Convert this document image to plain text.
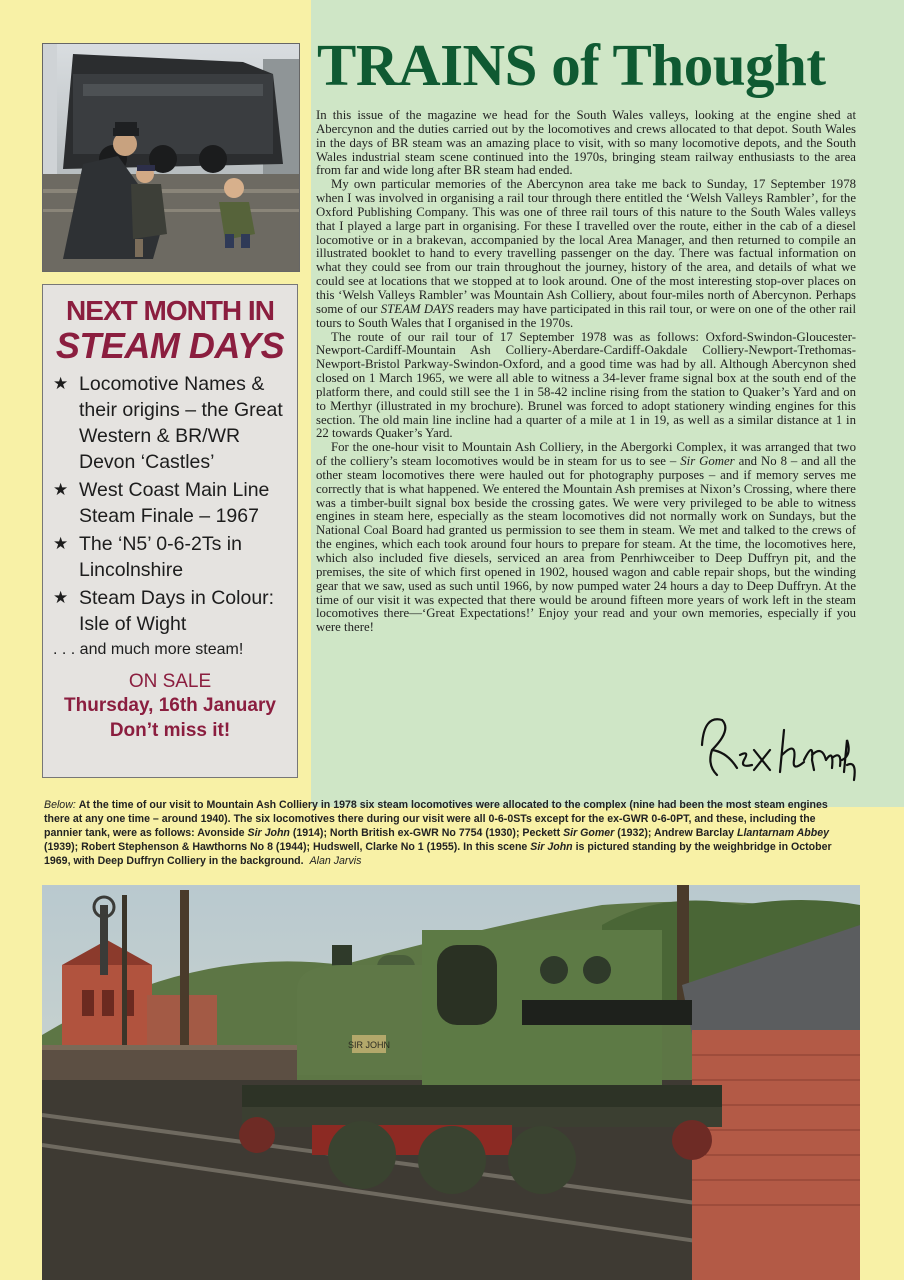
NEXT MONTH IN
STEAM DAYS
★ Locomotive Names & their origins – the Great Western & BR/WR Devon ‘Castles’
★ West Coast Main Line Steam Finale – 1967
★ The ‘N5’ 0-6-2Ts in Lincolnshire
★ Steam Days in Colour: Isle of Wight
. . . and much more steam!
ON SALE
Thursday, 16th January
Don’t miss it!
TRAINS of Thought

In this issue of the magazine we head for the South Wales valleys, looking at the engine shed at Abercynon and the duties carried out by the locomotives and crews allocated to that depot. South Wales in the days of BR steam was an amazing place to visit, with so many locomotive depots, and the South Wales industrial steam scene continued into the 1970s, bringing steam railway enthusiasts to the area from far and wide long after BR steam had ended.

My own particular memories of the Abercynon area take me back to Sunday, 17 September 1978 when I was involved in organising a rail tour through there entitled the ‘Welsh Valleys Rambler’, for the Oxford Publishing Company. This was one of three rail tours of this nature to the South Wales valleys that I played a large part in organising. For these I travelled over the route, either in the cab of a diesel locomotive or in a brakevan, accompanied by the local Area Manager, and then returned to compile an illustrated booklet to hand to every travelling passenger on the day. There was factual information on what they could see from our train throughout the journey, history of the area, and details of what we could see at locations that we stopped at to look around. One of the most interesting stop-over places on this ‘Welsh Valleys Rambler’ was Mountain Ash Colliery, about four-miles north of Abercynon. Perhaps some of our STEAM DAYS readers may have participated in this rail tour, or were on one of the other rail tours to South Wales that I organised in the 1970s.

The route of our rail tour of 17 September 1978 was as follows: Oxford-Swindon-Gloucester-Newport-Cardiff-Mountain Ash Colliery-Aberdare-Cardiff-Oakdale Colliery-Newport-Trethomas-Newport-Bristol Parkway-Swindon-Oxford, and a good time was had by all. Although Abercynon shed closed on 1 March 1965, we were all able to witness a 34-lever frame signal box at the south end of the platform there, and could still see the 1 in 58-42 incline rising from the station to Quaker’s Yard and on to Merthyr (illustrated in my brochure). Brunel was forced to adopt stationery winding engines for this section. The old main line incline had a quarter of a mile at 1 in 19, as well as a similar distance at 1 in 22 towards Quaker’s Yard.

For the one-hour visit to Mountain Ash Colliery, in the Abergorki Complex, it was arranged that two of the colliery’s steam locomotives would be in steam for us to see – Sir Gomer and No 8 – and all the other steam locomotives there were hauled out for photography purposes – and if memory serves me correctly that is what happened. We entered the Mountain Ash premises at Nixon’s Crossing, where there was a timber-built signal box beside the crossing gates. We were very privileged to be able to witness engines in steam here, especially as the steam locomotives did not normally work on Sundays, but the National Coal Board had granted us permission to see them in steam. We met and talked to the crews of the engines, which each took around four hours to prepare for steam. At the time, the locomotives here, which also included five diesels, serviced an area from Penrhiwceiber to Deep Duffryn pit, and the premises, the site of which first opened in 1902, housed wagon and cable repair shops, but the winding gear that we saw, used as such until 1966, by now pumped water 24 hours a day to Deep Duffryn. At the time of our visit it was expected that there would be around fifteen more years of work left in the steam locomotives there—‘Great Expectations!’ Enjoy your read and your own memories, especially if you were there!

Below: At the time of our visit to Mountain Ash Colliery in 1978 six steam locomotives were allocated to the complex (nine had been the most steam engines there at any one time – around 1940). The six locomotives there during our visit were all 0-6-0STs except for the ex-GWR 0-6-0PT, and these, including the pannier tank, were as follows: Avonside Sir John (1914); North British ex-GWR No 7754 (1930); Peckett Sir Gomer (1932); Andrew Barclay Llantarnam Abbey (1939); Robert Stephenson & Hawthorns No 8 (1944); Hudswell, Clarke No 1 (1955). In this scene Sir John is pictured standing by the weighbridge in October 1969, with Deep Duffryn Colliery in the background. Alan Jarvis
SIR JOHN
